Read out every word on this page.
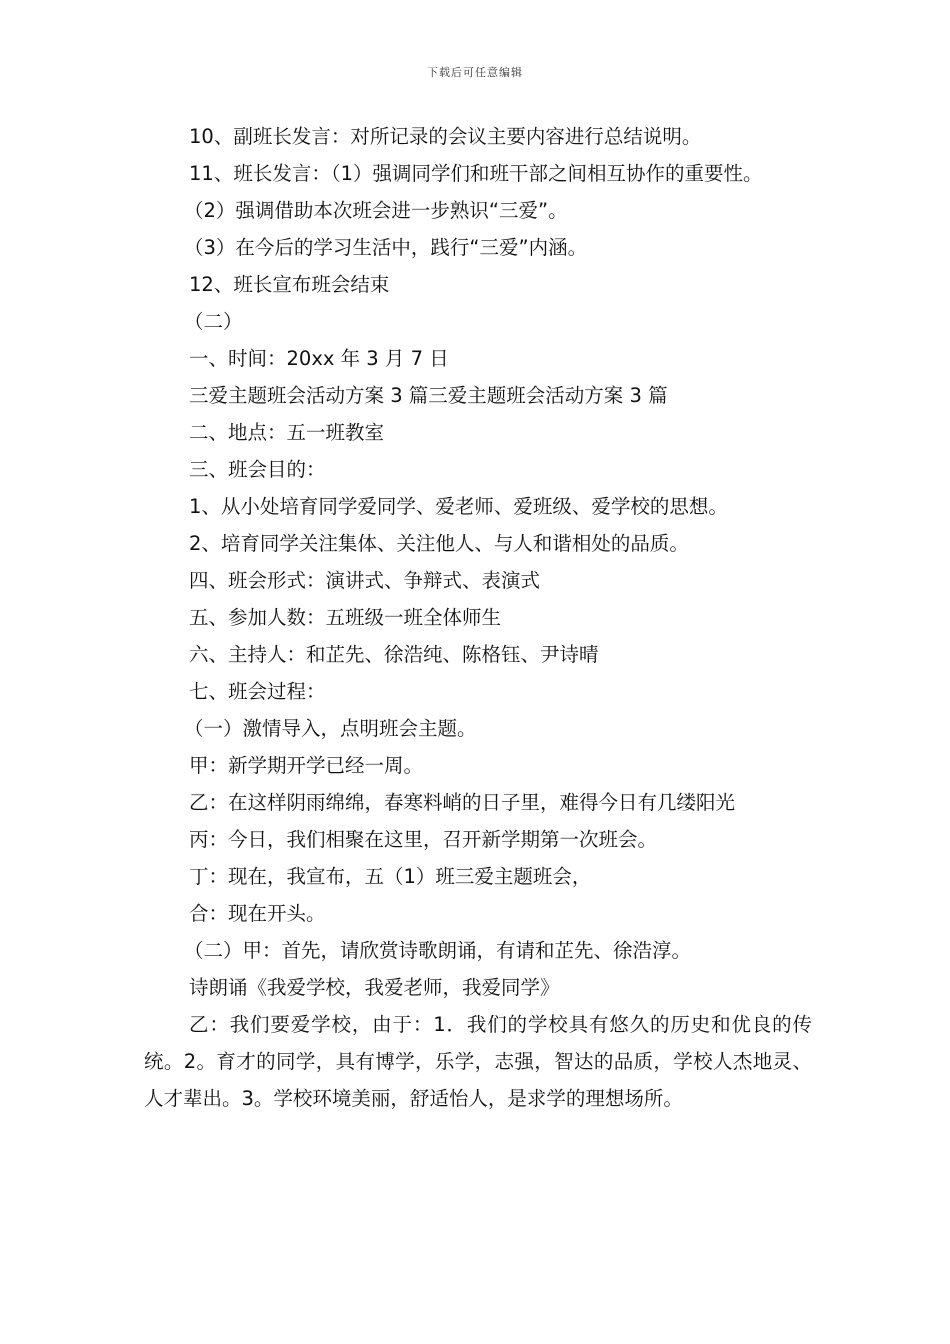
下载后可任意编辑

10、副班长发言：对所记录的会议主要内容进行总结说明。

11、班长发言：（1）强调同学们和班干部之间相互协作的重要性。

（2）强调借助本次班会进一步熟识“三爱”。

（3）在今后的学习生活中，践行“三爱”内涵。

12、班长宣布班会结束

（二）

一、时间：20xx 年 3 月 7 日

三爱主题班会活动方案 3 篇三爱主题班会活动方案 3 篇

二、地点：五一班教室

三、班会目的：

1、从小处培育同学爱同学、爱老师、爱班级、爱学校的思想。

2、培育同学关注集体、关注他人、与人和谐相处的品质。

四、班会形式：演讲式、争辩式、表演式

五、参加人数：五班级一班全体师生

六、主持人：和芷先、徐浩纯、陈格钰、尹诗晴

七、班会过程：

（一）激情导入，点明班会主题。

甲：新学期开学已经一周。

乙：在这样阴雨绵绵，春寒料峭的日子里，难得今日有几缕阳光

丙：今日，我们相聚在这里，召开新学期第一次班会。

丁：现在，我宣布，五（1）班三爱主题班会，

合：现在开头。

（二）甲：首先，请欣赏诗歌朗诵，有请和芷先、徐浩淳。

诗朗诵《我爱学校，我爱老师，我爱同学》

乙：我们要爱学校，由于：1．我们的学校具有悠久的历史和优良的传统。2。育才的同学，具有博学，乐学，志强，智达的品质，学校人杰地灵、人才辈出。3。学校环境美丽，舒适怡人，是求学的理想场所。
